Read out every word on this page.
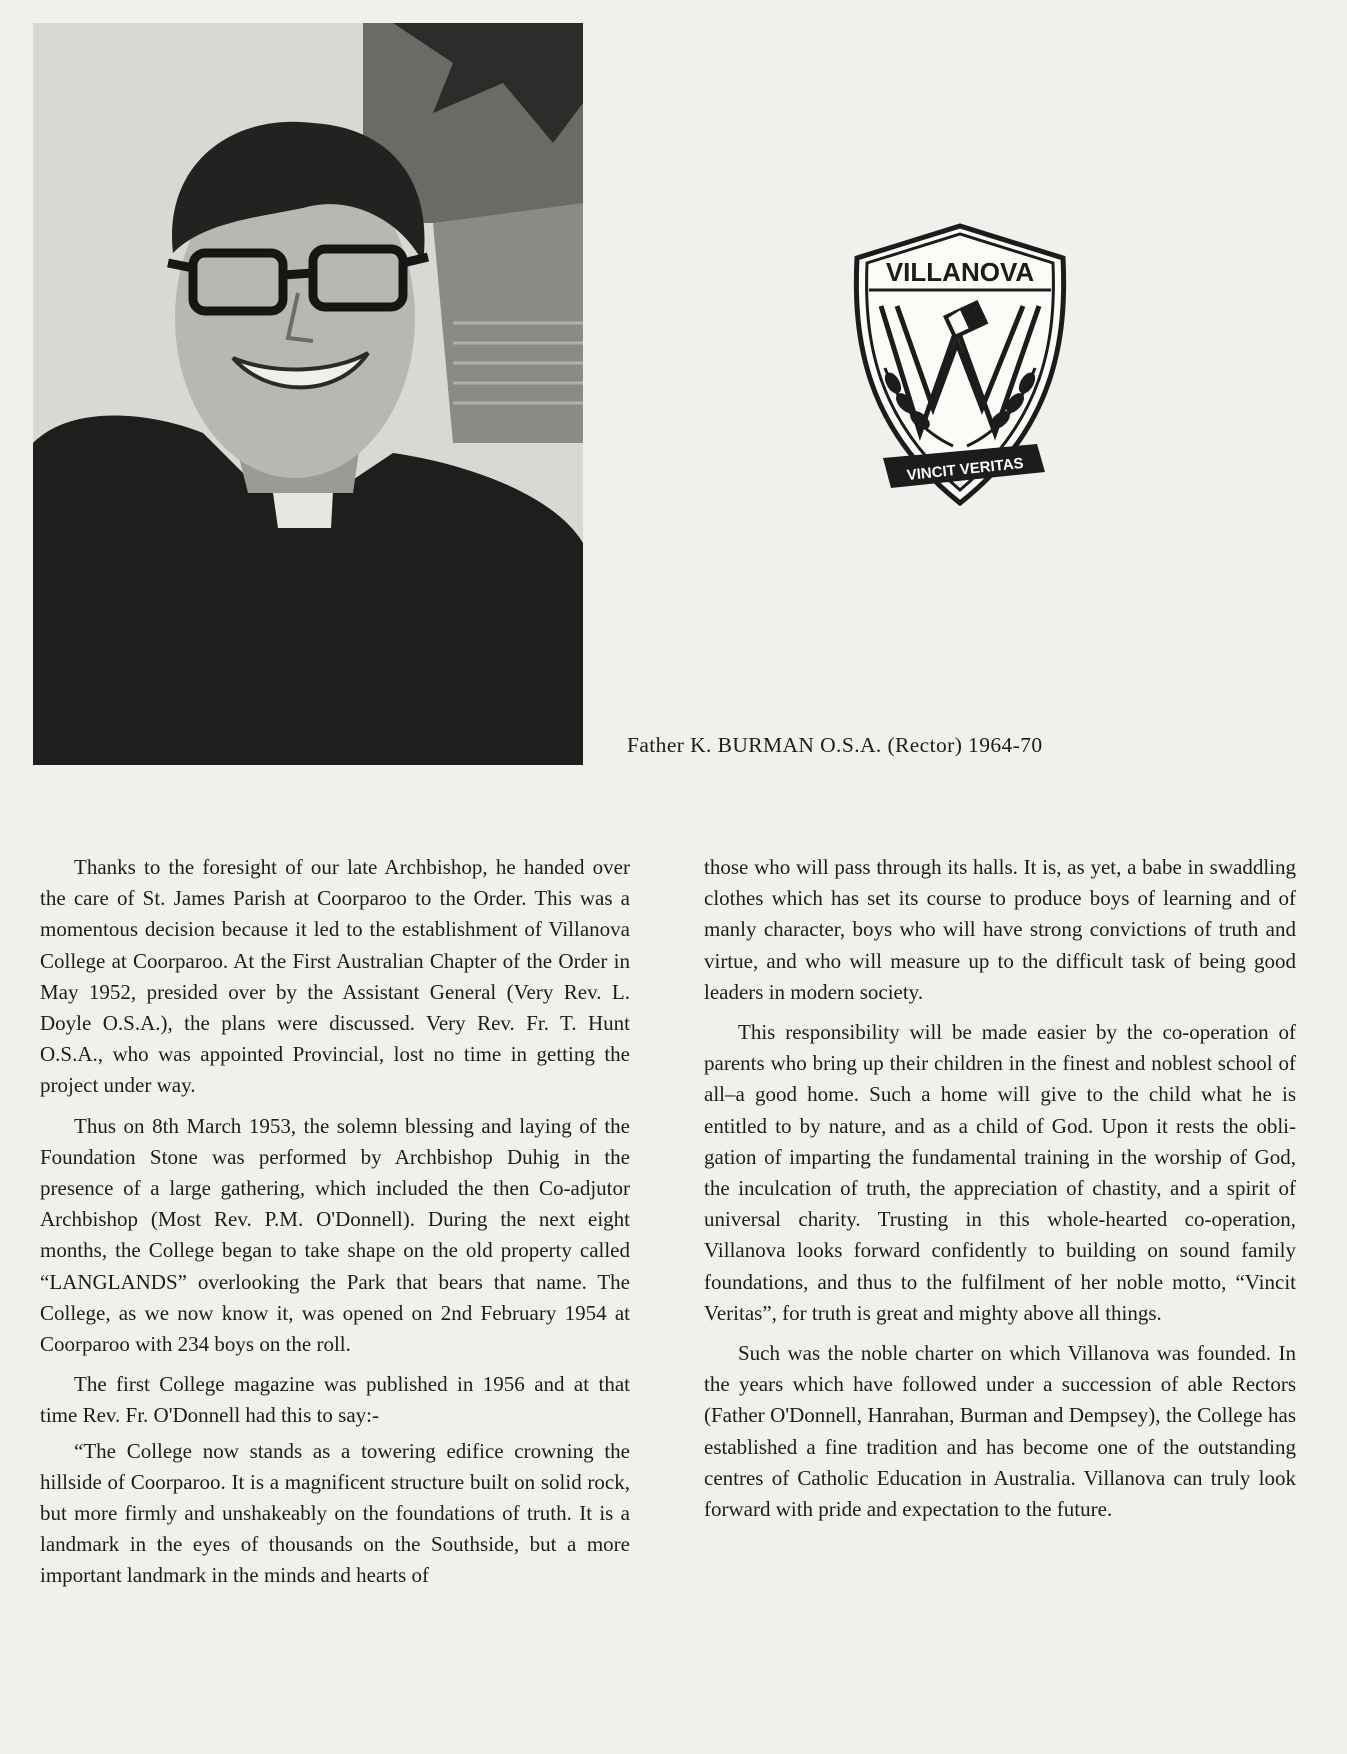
Father K. BURMAN O.S.A. (Rector) 1964-70

VILLANOVA
VINCIT VERITAS

Thanks to the foresight of our late Archbishop, he handed over the care of St. James Parish at Coorparoo to the Order. This was a momentous decision because it led to the establishment of Villanova College at Coorparoo. At the First Australian Chapter of the Order in May 1952, presided over by the Assistant General (Very Rev. L. Doyle O.S.A.), the plans were discussed. Very Rev. Fr. T. Hunt O.S.A., who was appointed Provincial, lost no time in getting the project under way.

Thus on 8th March 1953, the solemn blessing and laying of the Foundation Stone was performed by Archbishop Duhig in the presence of a large gathering, which included the then Co-adjutor Archbishop (Most Rev. P.M. O'Donnell). During the next eight months, the College began to take shape on the old property called “LANGLANDS” overlooking the Park that bears that name. The College, as we now know it, was opened on 2nd February 1954 at Coorparoo with 234 boys on the roll.

The first College magazine was published in 1956 and at that time Rev. Fr. O'Donnell had this to say:-

“The College now stands as a towering edifice crowning the hillside of Coorparoo. It is a magnificent structure built on solid rock, but more firmly and unshakeably on the foundations of truth. It is a landmark in the eyes of thousands on the Southside, but a more important landmark in the minds and hearts of

those who will pass through its halls. It is, as yet, a babe in swaddling clothes which has set its course to produce boys of learning and of manly character, boys who will have strong convictions of truth and virtue, and who will measure up to the difficult task of being good leaders in modern society.

This responsibility will be made easier by the co-operation of parents who bring up their children in the finest and noblest school of all–a good home. Such a home will give to the child what he is entitled to by nature, and as a child of God. Upon it rests the obligation of imparting the fundamental training in the worship of God, the inculcation of truth, the appreciation of chastity, and a spirit of universal charity. Trusting in this whole-hearted co-operation, Villanova looks forward confidently to building on sound family foundations, and thus to the fulfilment of her noble motto, “Vincit Veritas”, for truth is great and mighty above all things.

Such was the noble charter on which Villanova was founded. In the years which have followed under a succession of able Rectors (Father O'Donnell, Hanrahan, Burman and Dempsey), the College has established a fine tradition and has become one of the outstanding centres of Catholic Education in Australia. Villanova can truly look forward with pride and expectation to the future.
